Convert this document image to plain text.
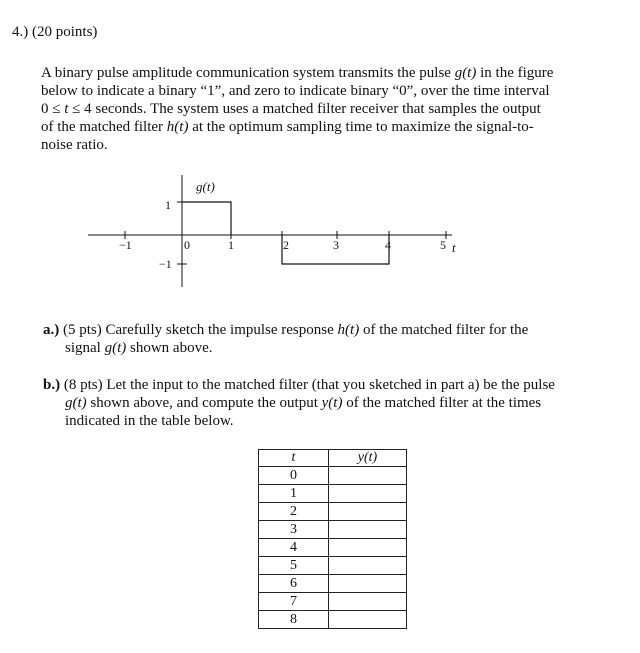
4.) (20 points)
A binary pulse amplitude communication system transmits the pulse g(t) in the figure
below to indicate a binary “1”, and zero to indicate binary “0”, over the time interval
0 ≤ t ≤ 4 seconds. The system uses a matched filter receiver that samples the output
of the matched filter h(t) at the optimum sampling time to maximize the signal-to-
noise ratio.
g(t)
1
−1
−1	0	1	2	3	4	5 t
a.) (5 pts) Carefully sketch the impulse response h(t) of the matched filter for the
signal g(t) shown above.
b.) (8 pts) Let the input to the matched filter (that you sketched in part a) be the pulse
g(t) shown above, and compute the output y(t) of the matched filter at the times
indicated in the table below.
t	y(t)
0	
1	
2	
3	
4	
5	
6	
7	
8	
